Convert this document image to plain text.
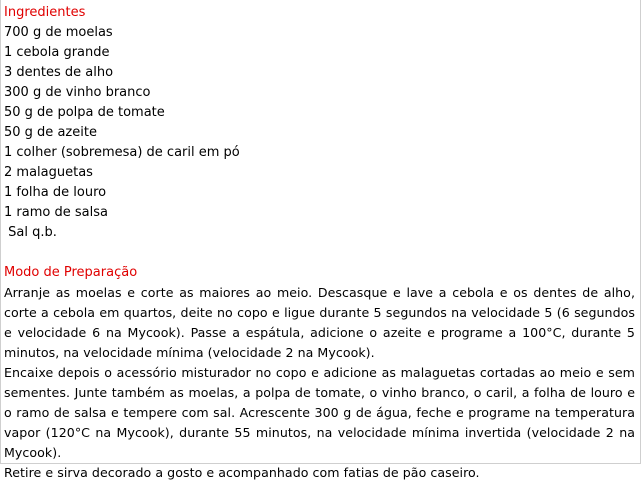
Ingredientes
700 g de moelas
1 cebola grande
3 dentes de alho
300 g de vinho branco
50 g de polpa de tomate
50 g de azeite
1 colher (sobremesa) de caril em pó
2 malaguetas
1 folha de louro
1 ramo de salsa
Sal q.b.
Modo de Preparação

Arranje as moelas e corte as maiores ao meio. Descasque e lave a cebola e os dentes de alho, corte a cebola em quartos, deite no copo e ligue durante 5 segundos na velocidade 5 (6 segundos e velocidade 6 na Mycook). Passe a espátula, adicione o azeite e programe a 100°C, durante 5 minutos, na velocidade mínima (velocidade 2 na Mycook).

Encaixe depois o acessório misturador no copo e adicione as malaguetas cortadas ao meio e sem sementes. Junte também as moelas, a polpa de tomate, o vinho branco, o caril, a folha de louro e o ramo de salsa e tempere com sal. Acrescente 300 g de água, feche e programe na temperatura vapor (120°C na Mycook), durante 55 minutos, na velocidade mínima invertida (velocidade 2 na Mycook).

Retire e sirva decorado a gosto e acompanhado com fatias de pão caseiro.
